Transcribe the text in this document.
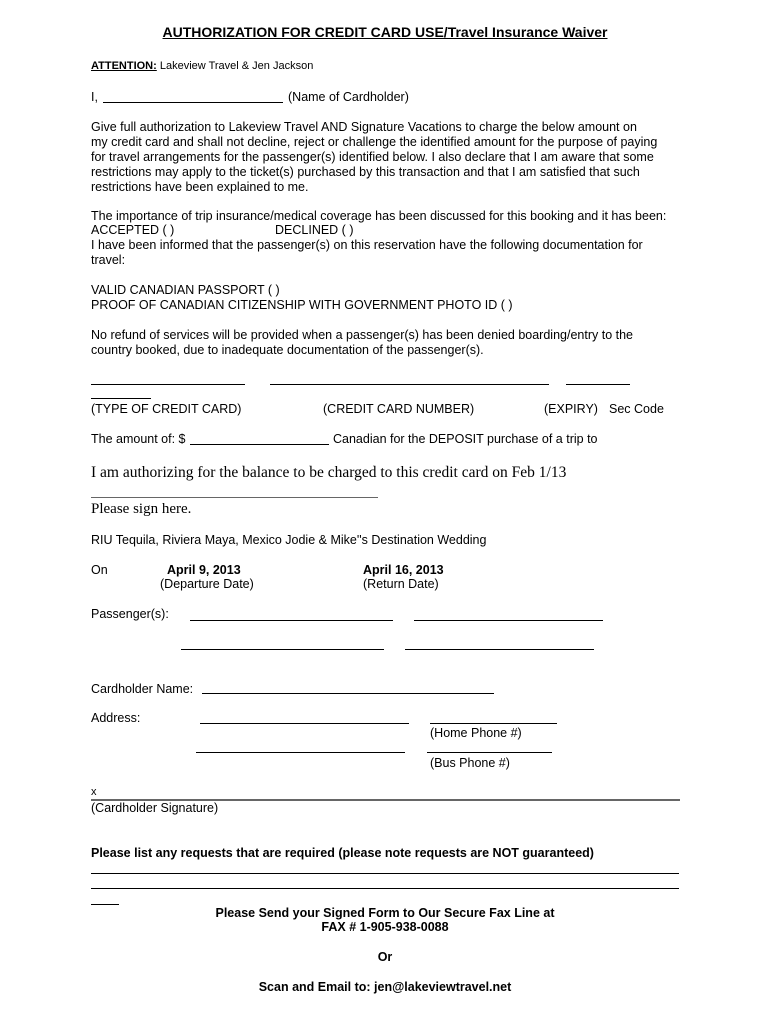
AUTHORIZATION FOR CREDIT CARD USE/Travel Insurance Waiver
ATTENTION: Lakeview Travel & Jen Jackson
I,	(Name of Cardholder)
Give full authorization to Lakeview Travel AND Signature Vacations to charge the below amount on
my credit card and shall not decline, reject or challenge the identified amount for the purpose of paying
for travel arrangements for the passenger(s) identified below. I also declare that I am aware that some
restrictions may apply to the ticket(s) purchased by this transaction and that I am satisfied that such
restrictions have been explained to me.
The importance of trip insurance/medical coverage has been discussed for this booking and it has been:
ACCEPTED ( )	DECLINED ( )
I have been informed that the passenger(s) on this reservation have the following documentation for
travel:
VALID CANADIAN PASSPORT ( )
PROOF OF CANADIAN CITIZENSHIP WITH GOVERNMENT PHOTO ID ( )
No refund of services will be provided when a passenger(s) has been denied boarding/entry to the
country booked, due to inadequate documentation of the passenger(s).
(TYPE OF CREDIT CARD)	(CREDIT CARD NUMBER)	(EXPIRY) Sec Code
The amount of: $	Canadian for the DEPOSIT purchase of a trip to
I am authorizing for the balance to be charged to this credit card on Feb 1/13
Please sign here.
RIU Tequila, Riviera Maya, Mexico Jodie & Mike''s Destination Wedding
On	April 9, 2013
(Departure Date)
April 16, 2013
(Return Date)
Passenger(s):
Cardholder Name:
Address:
(Home Phone #)
(Bus Phone #)
x
(Cardholder Signature)
Please list any requests that are required (please note requests are NOT guaranteed)
Please Send your Signed Form to Our Secure Fax Line at
FAX # 1-905-938-0088
Or
Scan and Email to: jen@lakeviewtravel.net
